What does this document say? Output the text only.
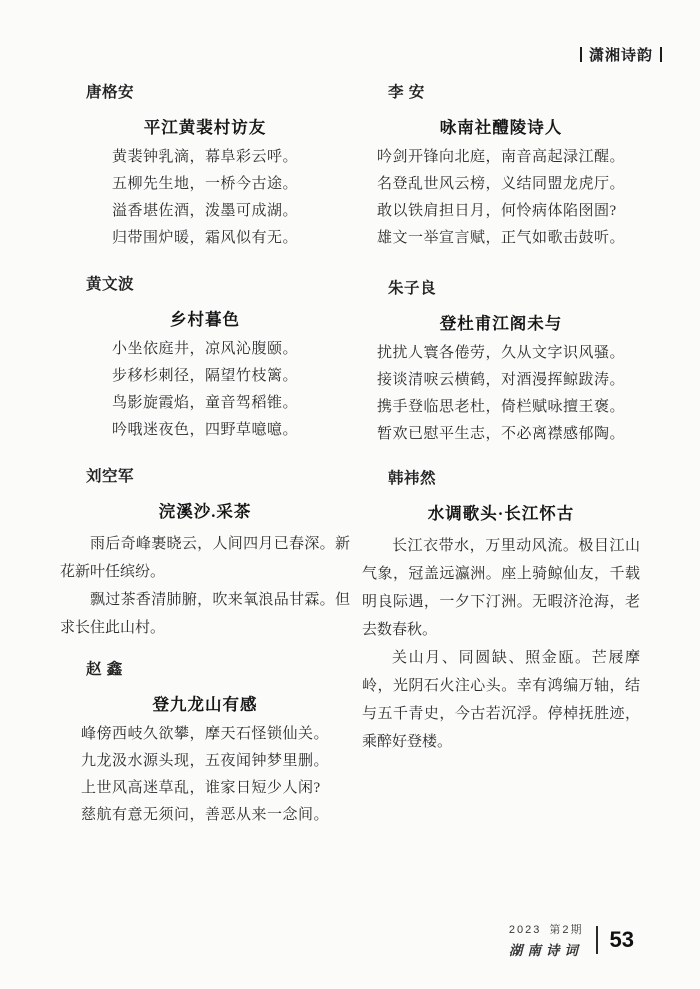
潇湘诗韵
唐格安
平江黄裴村访友
黄裴钟乳滴，幕阜彩云呼。
五柳先生地，一桥今古途。
溢香堪佐酒，泼墨可成湖。
归带围炉暖，霜风似有无。
黄文波
乡村暮色
小坐依庭井，凉风沁腹颐。
步移杉刺径，隔望竹枝篱。
鸟影旋霞焰，童音驾稻锥。
吟哦迷夜色，四野草噫噫。
刘空军
浣溪沙.采茶

雨后奇峰裹晓云，人间四月已春深。新花新叶任缤纷。

飘过茶香清肺腑，吹来氧浪品甘霖。但求长住此山村。

赵 鑫
登九龙山有感
峰傍西岐久欲攀，摩天石怪锁仙关。
九龙汲水源头现，五夜闻钟梦里删。
上世风高迷草乱，谁家日短少人闲?
慈航有意无须问，善恶从来一念间。
李 安
咏南社醴陵诗人
吟剑开锋向北庭，南音高起渌江醒。
名登乱世风云榜，义结同盟龙虎厅。
敢以铁肩担日月，何怜病体陷囹圄?
雄文一举宣言赋，正气如歌击鼓听。
朱子良
登杜甫江阁未与
扰扰人寰各倦劳，久从文字识风骚。
接谈清唳云横鹤，对酒漫挥鲸跋涛。
携手登临思老杜，倚栏赋咏擅王褒。
暂欢已慰平生志，不必离襟感郁陶。
韩祎然
水调歌头·长江怀古

长江衣带水，万里动风流。极目江山气象，冠盖远瀛洲。座上骑鲸仙友，千载明良际遇，一夕下汀洲。无暇济沧海，老去数春秋。

关山月、同圆缺、照金瓯。芒屐摩岭，光阴石火注心头。幸有鸿编万轴，结与五千青史，今古若沉浮。停棹抚胜迹，乘醉好登楼。

2023 第2期
湖南诗词 53
